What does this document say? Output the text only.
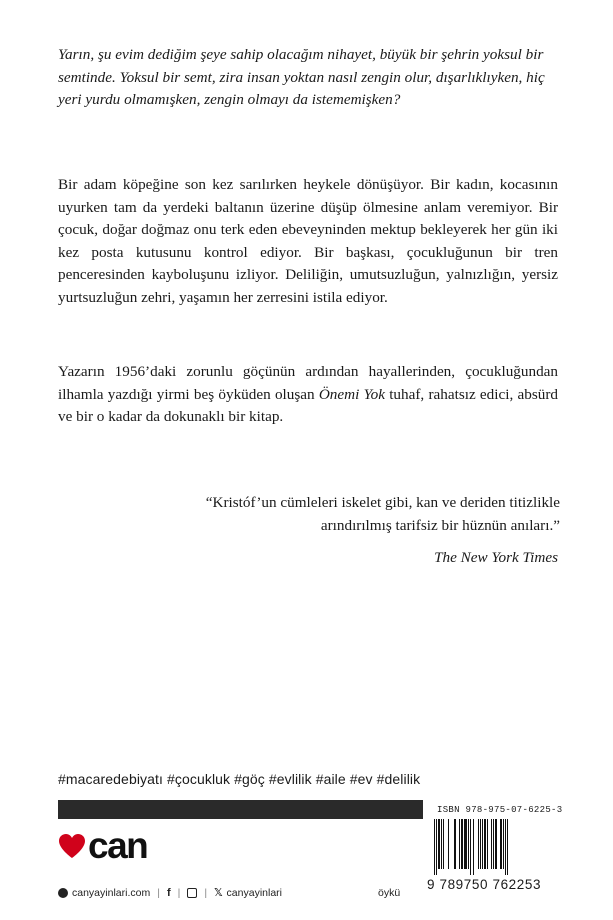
Yarın, şu evim dediğim şeye sahip olacağım nihayet, büyük bir şehrin yoksul bir semtinde. Yoksul bir semt, zira insan yoktan nasıl zengin olur, dışarlıklıyken, hiç yeri yurdu olmamışken, zengin olmayı da istememişken?

Bir adam köpeğine son kez sarılırken heykele dönüşüyor. Bir kadın, kocasının uyurken tam da yerdeki baltanın üzerine düşüp ölmesine anlam veremiyor. Bir çocuk, doğar doğmaz onu terk eden ebeveyninden mektup bekleyerek her gün iki kez posta kutusunu kontrol ediyor. Bir başkası, çocukluğunun bir tren penceresinden kayboluşunu izliyor. Deliliğin, umutsuzluğun, yalnızlığın, yersiz yurtsuzluğun zehri, yaşamın her zerresini istila ediyor.

Yazarın 1956’daki zorunlu göçünün ardından hayallerinden, çocukluğundan ilhamla yazdığı yirmi beş öyküden oluşan Önemi Yok tuhaf, rahatsız edici, absürd ve bir o kadar da dokunaklı bir kitap.

“Kristóf’un cümleleri iskelet gibi, kan ve deriden titizlikle
arındırılmış tarifsiz bir hüznün anıları.”
The New York Times
#macaredebiyatı #çocukluk #göç #evlilik #aile #ev #delilik
can
canyayinlari.com | f | | 𝕏 canyayinlari	öykü
ISBN 978-975-07-6225-3
9 789750 762253
